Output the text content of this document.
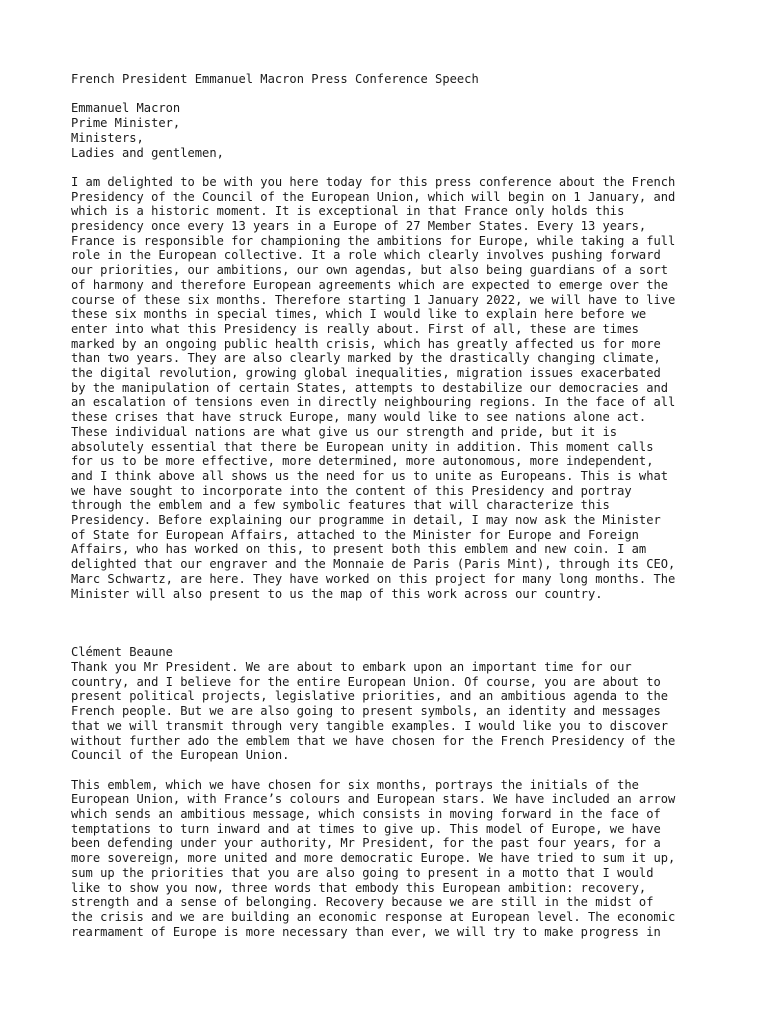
French President Emmanuel Macron Press Conference Speech
Emmanuel Macron
Prime Minister,
Ministers,
Ladies and gentlemen,
I am delighted to be with you here today for this press conference about the French
Presidency of the Council of the European Union, which will begin on 1 January, and
which is a historic moment. It is exceptional in that France only holds this
presidency once every 13 years in a Europe of 27 Member States. Every 13 years,
France is responsible for championing the ambitions for Europe, while taking a full
role in the European collective. It a role which clearly involves pushing forward
our priorities, our ambitions, our own agendas, but also being guardians of a sort
of harmony and therefore European agreements which are expected to emerge over the
course of these six months. Therefore starting 1 January 2022, we will have to live
these six months in special times, which I would like to explain here before we
enter into what this Presidency is really about. First of all, these are times
marked by an ongoing public health crisis, which has greatly affected us for more
than two years. They are also clearly marked by the drastically changing climate,
the digital revolution, growing global inequalities, migration issues exacerbated
by the manipulation of certain States, attempts to destabilize our democracies and
an escalation of tensions even in directly neighbouring regions. In the face of all
these crises that have struck Europe, many would like to see nations alone act.
These individual nations are what give us our strength and pride, but it is
absolutely essential that there be European unity in addition. This moment calls
for us to be more effective, more determined, more autonomous, more independent,
and I think above all shows us the need for us to unite as Europeans. This is what
we have sought to incorporate into the content of this Presidency and portray
through the emblem and a few symbolic features that will characterize this
Presidency. Before explaining our programme in detail, I may now ask the Minister
of State for European Affairs, attached to the Minister for Europe and Foreign
Affairs, who has worked on this, to present both this emblem and new coin. I am
delighted that our engraver and the Monnaie de Paris (Paris Mint), through its CEO,
Marc Schwartz, are here. They have worked on this project for many long months. The
Minister will also present to us the map of this work across our country.
Clément Beaune
Thank you Mr President. We are about to embark upon an important time for our
country, and I believe for the entire European Union. Of course, you are about to
present political projects, legislative priorities, and an ambitious agenda to the
French people. But we are also going to present symbols, an identity and messages
that we will transmit through very tangible examples. I would like you to discover
without further ado the emblem that we have chosen for the French Presidency of the
Council of the European Union.
This emblem, which we have chosen for six months, portrays the initials of the
European Union, with France’s colours and European stars. We have included an arrow
which sends an ambitious message, which consists in moving forward in the face of
temptations to turn inward and at times to give up. This model of Europe, we have
been defending under your authority, Mr President, for the past four years, for a
more sovereign, more united and more democratic Europe. We have tried to sum it up,
sum up the priorities that you are also going to present in a motto that I would
like to show you now, three words that embody this European ambition: recovery,
strength and a sense of belonging. Recovery because we are still in the midst of
the crisis and we are building an economic response at European level. The economic
rearmament of Europe is more necessary than ever, we will try to make progress in
